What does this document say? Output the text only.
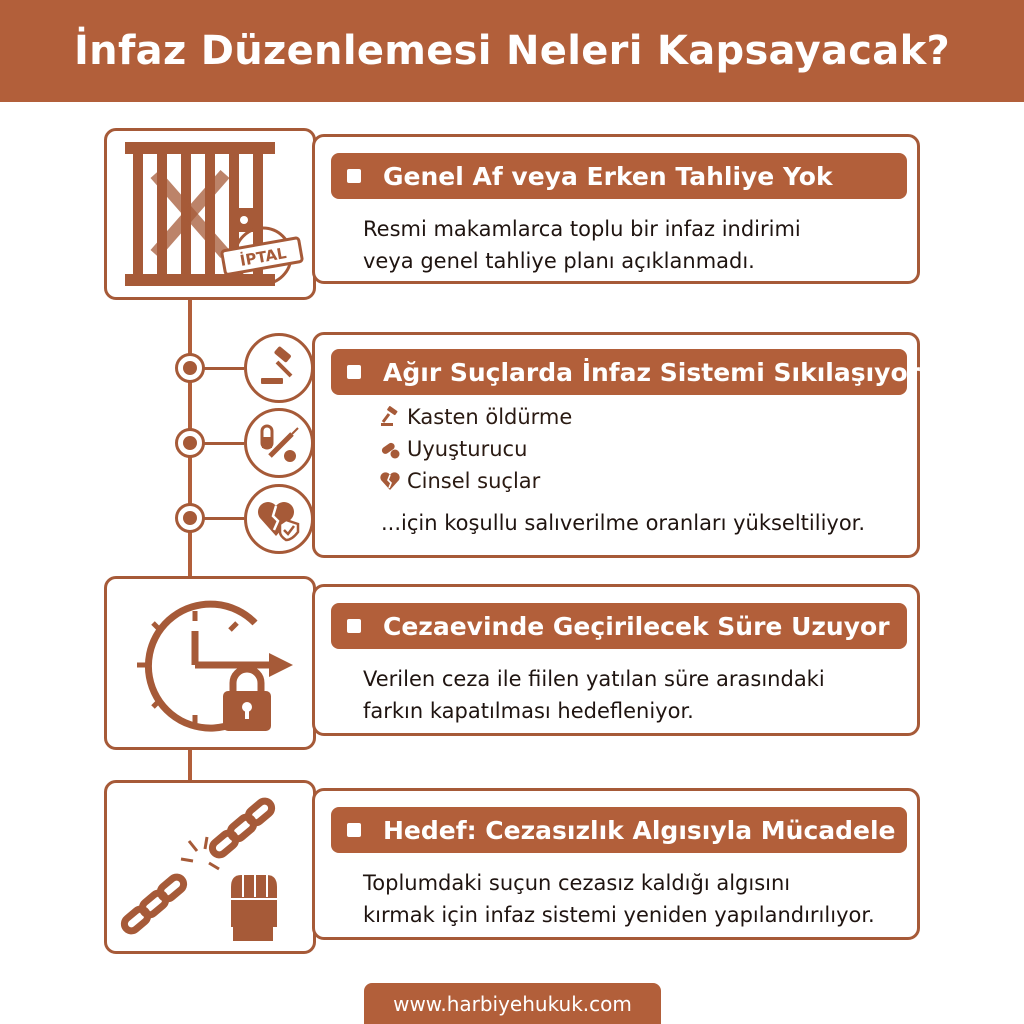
İnfaz Düzenlemesi Neleri Kapsayacak?
İPTAL
Genel Af veya Erken Tahliye Yok
Resmi makamlarca toplu bir infaz indirimi
veya genel tahliye planı açıklanmadı.
Ağır Suçlarda İnfaz Sistemi Sıkılaşıyor
Kasten öldürme
Uyuşturucu
Cinsel suçlar
...için koşullu salıverilme oranları yükseltiliyor.
Cezaevinde Geçirilecek Süre Uzuyor
Verilen ceza ile fiilen yatılan süre arasındaki
farkın kapatılması hedefleniyor.
Hedef: Cezasızlık Algısıyla Mücadele
Toplumdaki suçun cezasız kaldığı algısını
kırmak için infaz sistemi yeniden yapılandırılıyor.
www.harbiyehukuk.com
